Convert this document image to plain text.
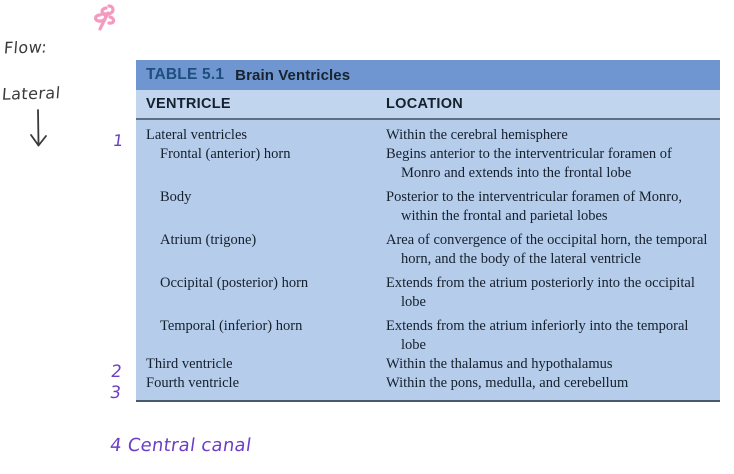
Flow:
Lateral
1
2
3
4 Central canal
TABLE 5.1 Brain Ventricles
VENTRICLE	LOCATION
Lateral ventricles	Within the cerebral hemisphere
Frontal (anterior) horn	Begins anterior to the interventricular foramen of Monro and extends into the frontal lobe
Body	Posterior to the interventricular foramen of Monro, within the frontal and parietal lobes
Atrium (trigone)	Area of convergence of the occipital horn, the temporal horn, and the body of the lateral ventricle
Occipital (posterior) horn	Extends from the atrium posteriorly into the occipital lobe
Temporal (inferior) horn	Extends from the atrium inferiorly into the temporal lobe
Third ventricle	Within the thalamus and hypothalamus
Fourth ventricle	Within the pons, medulla, and cerebellum
